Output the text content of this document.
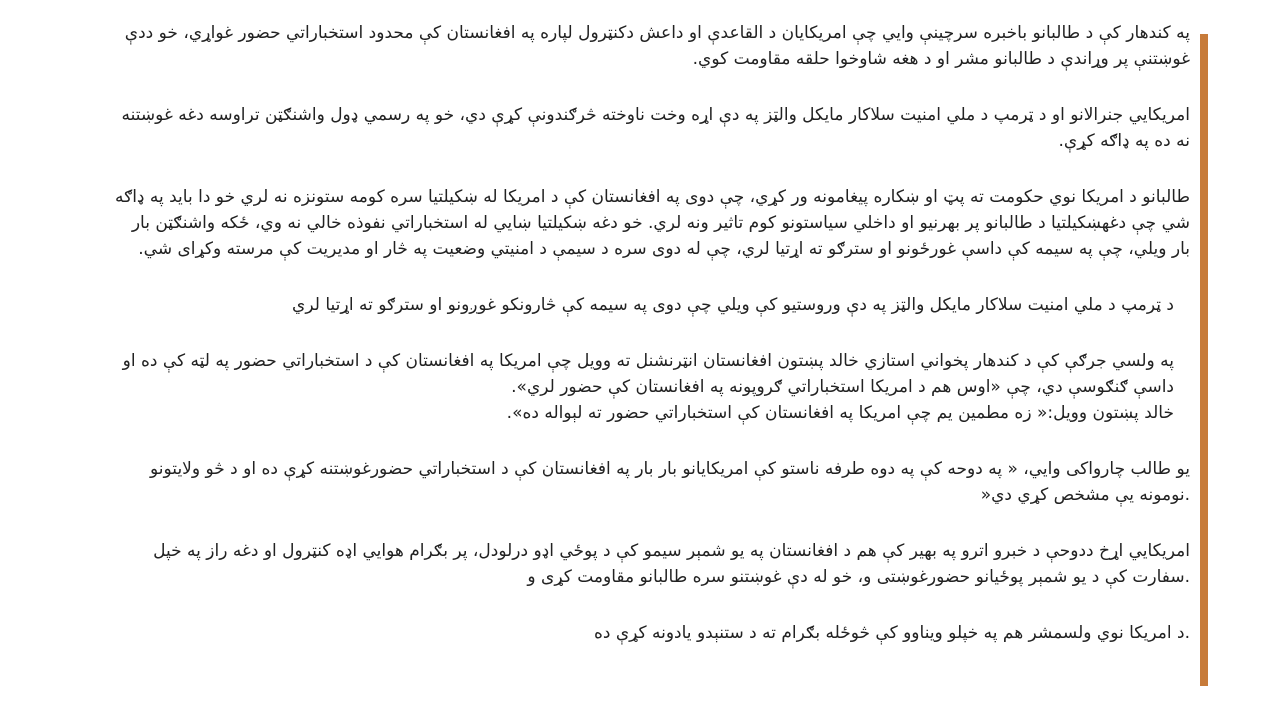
په کندهار کې د طالبانو باخبره سرچینې وایي چې امریکایان د القاعدې او داعش دکنټرول لپاره په افغانستان کې محدود استخباراتي حضور غواړي، خو ددې
غوښتنې پر وړاندې د طالبانو مشر او د هغه شاوخوا حلقه مقاومت کوي.

امریکایي جنرالانو او د ټرمپ د ملي امنیت سلاکار مایکل والټز په دې اړه وخت ناوخته څرګندونې کړې دي، خو په رسمي ډول واشنګټن تراوسه دغه غوښتنه
نه ده په ډاګه کړې.

طالبانو د امریکا نوي حکومت ته پټ او ښکاره پیغامونه ور کړي، چې دوی په افغانستان کې د امریکا له ښکیلتیا سره کومه ستونزه نه لري خو دا باید په ډاګه
شي چې دغهښکیلتیا د طالبانو پر بهرنیو او داخلي سیاستونو کوم تاثیر ونه لري. خو دغه ښکیلتیا ښایي له استخباراتي نفوذه خالي نه وي، ځکه واشنګټن بار
بار ویلي، چې په سیمه کې داسې غورځونو او سترګو ته اړتیا لري، چې له دوی سره د سیمې د امنیتي وضعیت په څار او مدیریت کې مرسته وکړای شي.

د ټرمپ د ملي امنیت سلاکار مایکل والټز په دې وروستیو کې ویلي چې دوی په سیمه کې څارونکو غوږونو او سترګو ته اړتیا لري

په ولسي جرګې کې د کندهار پخواني استازي خالد پښتون افغانستان انټرنشنل ته وویل چې امریکا په افغانستان کې د استخباراتي حضور په لټه کې ده او
داسې ګنګوسې دي، چې «اوس هم د امریکا استخباراتي ګروپونه په افغانستان کې حضور لري».
خالد پښتون وویل:« زه مطمین یم چې امریکا په افغانستان کې استخباراتي حضور ته لېواله ده».

یو طالب چارواکی وایي، « په دوحه کې په دوه طرفه ناستو کې امریکایانو بار بار په افغانستان کې د استخباراتي حضورغوښتنه کړې ده او د څو ولایتونو
.نومونه یې مشخص کړي دي«

امریکایي اړخ ددوحې د خبرو اترو په بهیر کې هم د افغانستان په یو شمېر سیمو کې د پوځي اډو درلودل، پر بګرام هوایي اډه کنټرول او دغه راز په خپل
.سفارت کې د یو شمېر پوځیانو حضورغوښتی و، خو له دې غوښتنو سره طالبانو مقاومت کړی و

.د امریکا نوي ولسمشر هم په خپلو ویناوو کې څوځله بګرام ته د ستنېدو یادونه کړې ده
